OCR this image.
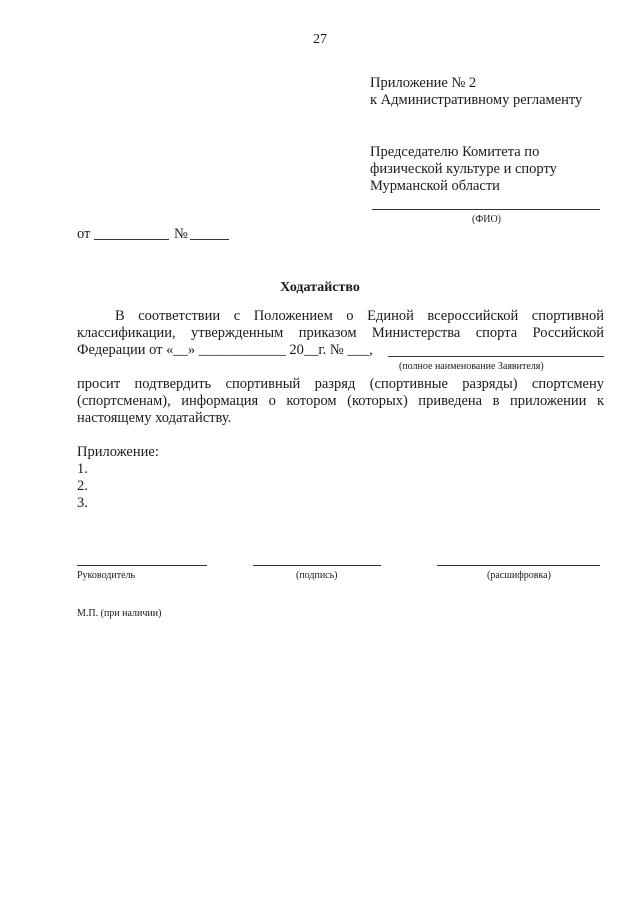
27
Приложение № 2
к Административному регламенту
Председателю Комитета по
физической культуре и спорту
Мурманской области
(ФИО)
от	№
Ходатайство
В соответствии с Положением о Единой всероссийской спортивной
классификации, утвержденным приказом Министерства спорта Российской
Федерации от «__» ____________ 20__г. № ___,
(полное наименование Заявителя)
просит подтвердить спортивный разряд (спортивные разряды) спортсмену
(спортсменам), информация о котором (которых) приведена в приложении к
настоящему ходатайству.
Приложение:
1.
2.
3.
Руководитель	(подпись)	(расшифровка)
М.П. (при наличии)
